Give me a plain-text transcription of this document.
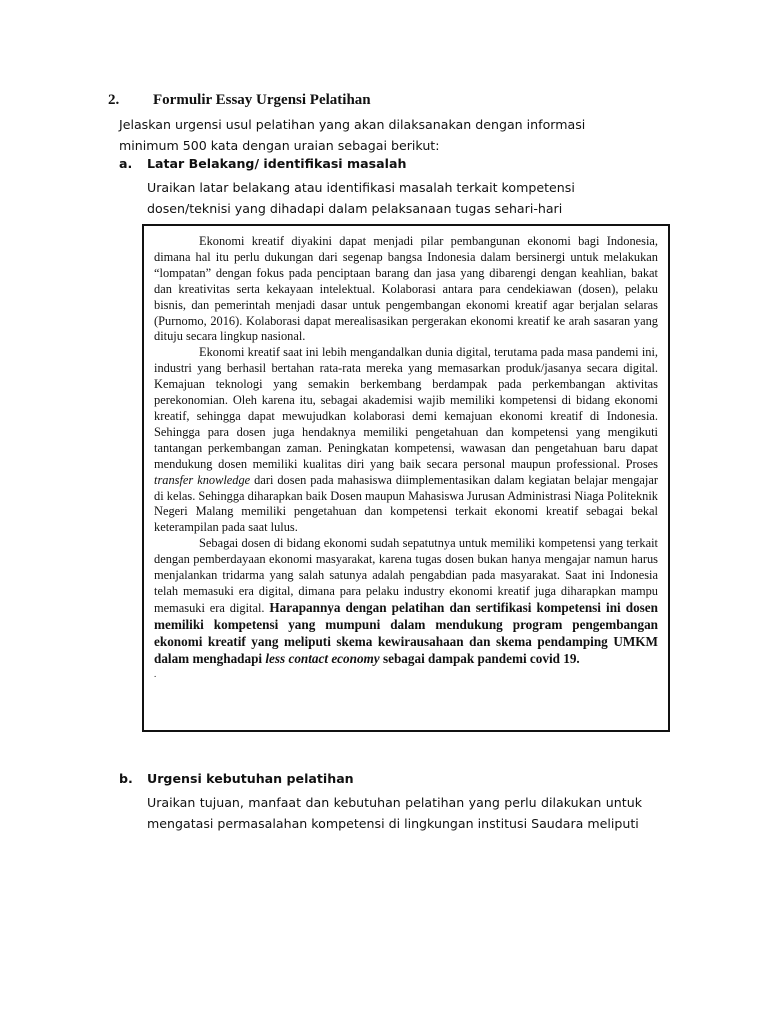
2. Formulir Essay Urgensi Pelatihan
Jelaskan urgensi usul pelatihan yang akan dilaksanakan dengan informasi minimum 500 kata dengan uraian sebagai berikut:
a. Latar Belakang/ identifikasi masalah
Uraikan latar belakang atau identifikasi masalah terkait kompetensi dosen/teknisi yang dihadapi dalam pelaksanaan tugas sehari-hari

Ekonomi kreatif diyakini dapat menjadi pilar pembangunan ekonomi bagi Indonesia, dimana hal itu perlu dukungan dari segenap bangsa Indonesia dalam bersinergi untuk melakukan “lompatan” dengan fokus pada penciptaan barang dan jasa yang dibarengi dengan keahlian, bakat dan kreativitas serta kekayaan intelektual. Kolaborasi antara para cendekiawan (dosen), pelaku bisnis, dan pemerintah menjadi dasar untuk pengembangan ekonomi kreatif agar berjalan selaras (Purnomo, 2016). Kolaborasi dapat merealisasikan pergerakan ekonomi kreatif ke arah sasaran yang dituju secara lingkup nasional.

Ekonomi kreatif saat ini lebih mengandalkan dunia digital, terutama pada masa pandemi ini, industri yang berhasil bertahan rata-rata mereka yang memasarkan produk/jasanya secara digital. Kemajuan teknologi yang semakin berkembang berdampak pada perkembangan aktivitas perekonomian. Oleh karena itu, sebagai akademisi wajib memiliki kompetensi di bidang ekonomi kreatif, sehingga dapat mewujudkan kolaborasi demi kemajuan ekonomi kreatif di Indonesia. Sehingga para dosen juga hendaknya memiliki pengetahuan dan kompetensi yang mengikuti tantangan perkembangan zaman. Peningkatan kompetensi, wawasan dan pengetahuan baru dapat mendukung dosen memiliki kualitas diri yang baik secara personal maupun professional. Proses transfer knowledge dari dosen pada mahasiswa diimplementasikan dalam kegiatan belajar mengajar di kelas. Sehingga diharapkan baik Dosen maupun Mahasiswa Jurusan Administrasi Niaga Politeknik Negeri Malang memiliki pengetahuan dan kompetensi terkait ekonomi kreatif sebagai bekal keterampilan pada saat lulus.

Sebagai dosen di bidang ekonomi sudah sepatutnya untuk memiliki kompetensi yang terkait dengan pemberdayaan ekonomi masyarakat, karena tugas dosen bukan hanya mengajar namun harus menjalankan tridarma yang salah satunya adalah pengabdian pada masyarakat. Saat ini Indonesia telah memasuki era digital, dimana para pelaku industry ekonomi kreatif juga diharapkan mampu memasuki era digital. Harapannya dengan pelatihan dan sertifikasi kompetensi ini dosen memiliki kompetensi yang mumpuni dalam mendukung program pengembangan ekonomi kreatif yang meliputi skema kewirausahaan dan skema pendamping UMKM dalam menghadapi less contact economy sebagai dampak pandemi covid 19.

.

b. Urgensi kebutuhan pelatihan
Uraikan tujuan, manfaat dan kebutuhan pelatihan yang perlu dilakukan untuk mengatasi permasalahan kompetensi di lingkungan institusi Saudara meliputi
